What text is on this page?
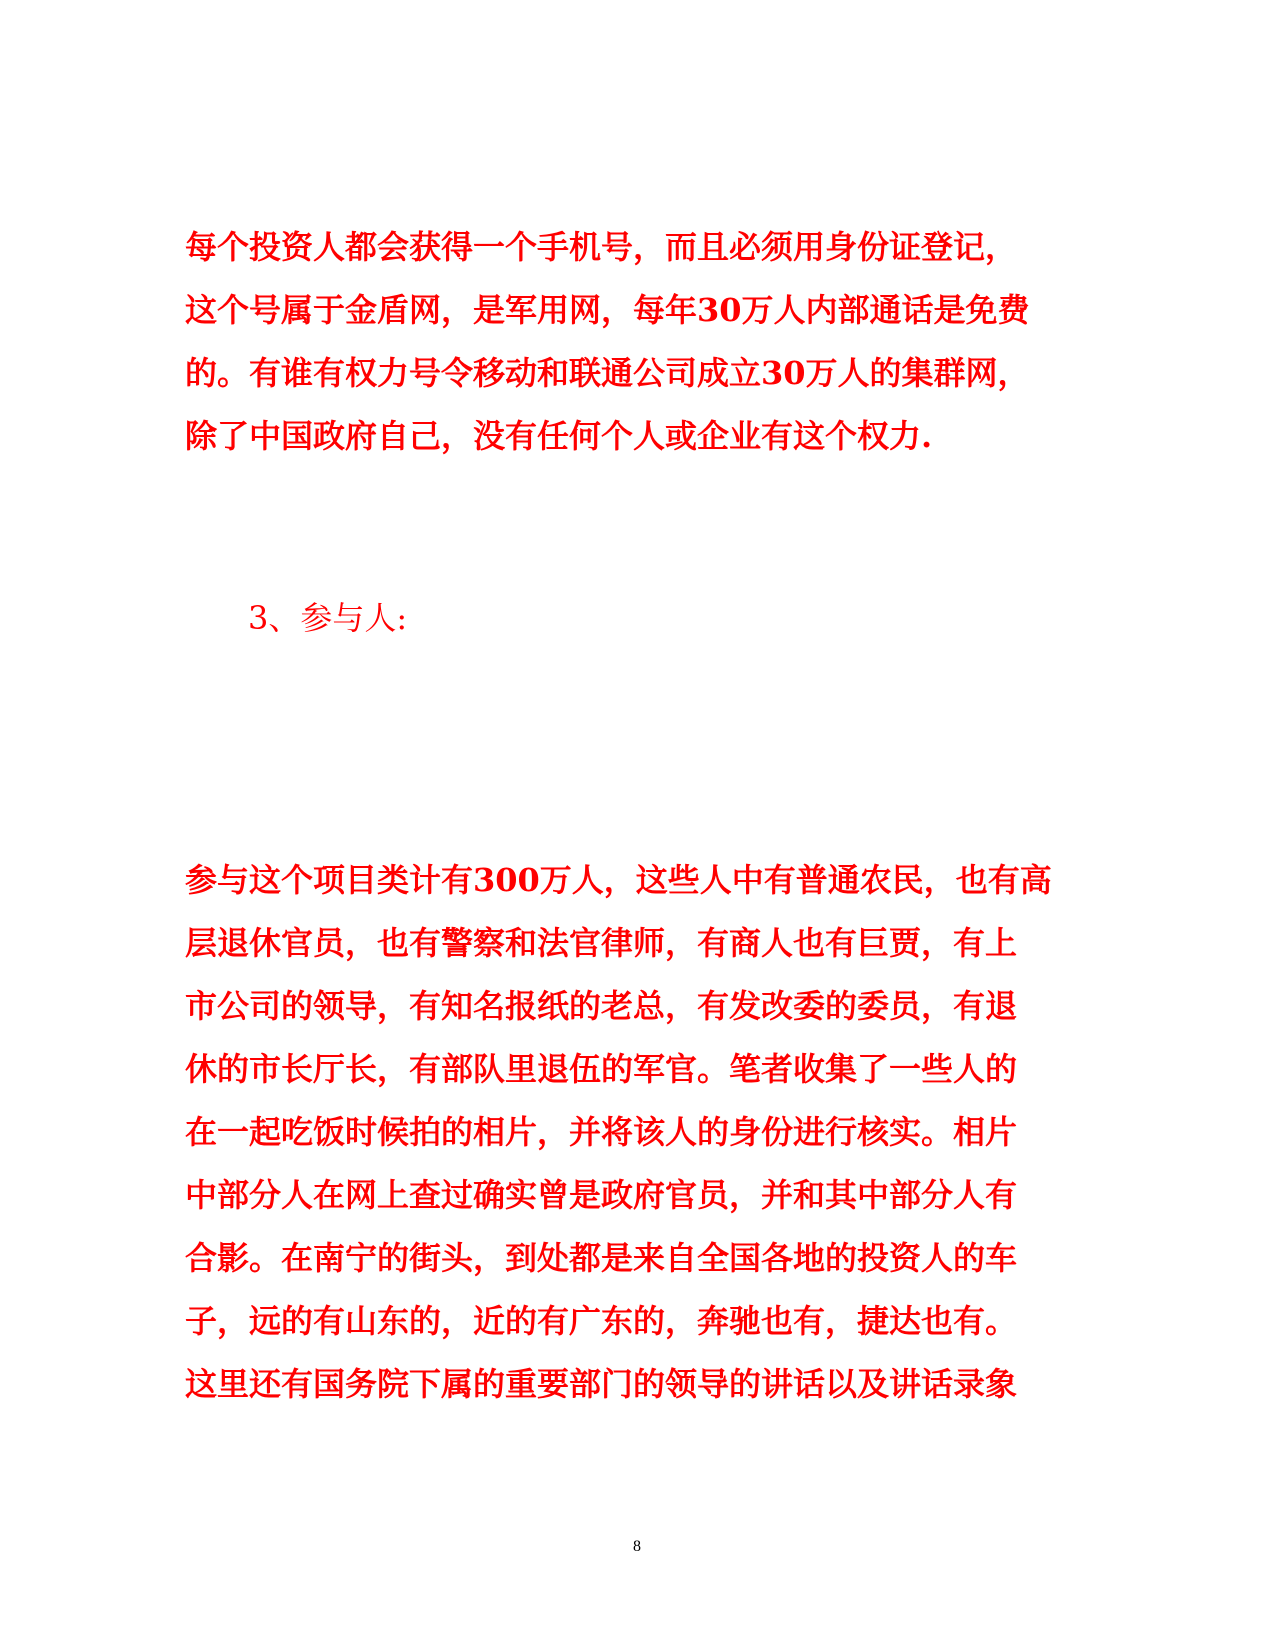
每个投资人都会获得一个手机号，而且必须用身份证登记，
这个号属于金盾网，是军用网，每年30万人内部通话是免费
的。有谁有权力号令移动和联通公司成立30万人的集群网，
除了中国政府自己，没有任何个人或企业有这个权力.
3、参与人:
参与这个项目类计有300万人，这些人中有普通农民，也有高
层退休官员，也有警察和法官律师，有商人也有巨贾，有上
市公司的领导，有知名报纸的老总，有发改委的委员，有退
休的市长厅长，有部队里退伍的军官。笔者收集了一些人的
在一起吃饭时候拍的相片，并将该人的身份进行核实。相片
中部分人在网上查过确实曾是政府官员，并和其中部分人有
合影。在南宁的街头，到处都是来自全国各地的投资人的车
子，远的有山东的，近的有广东的，奔驰也有，捷达也有。
这里还有国务院下属的重要部门的领导的讲话以及讲话录象
8
